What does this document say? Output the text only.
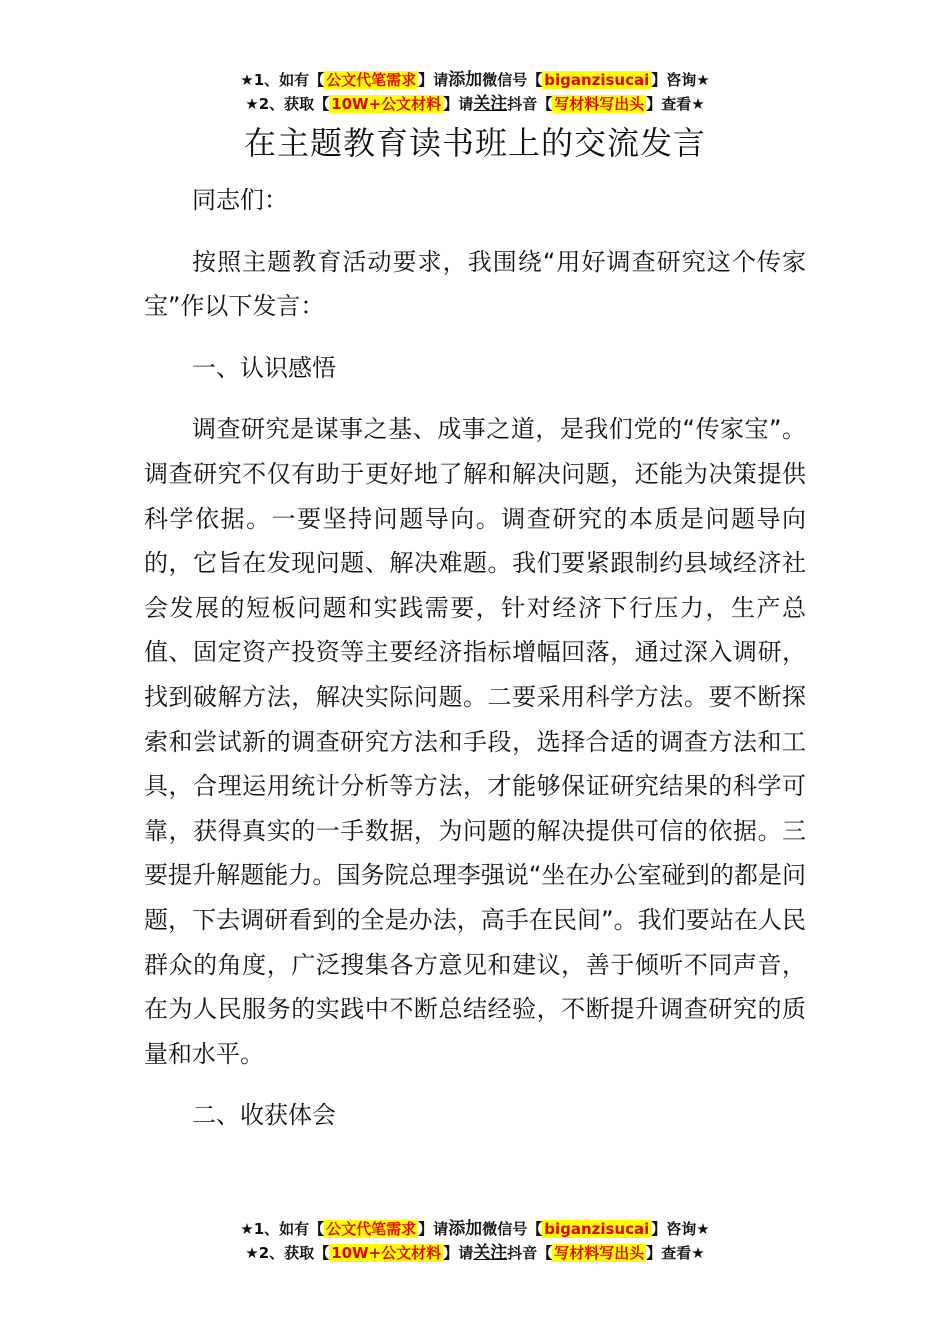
★1、如有【 公文代笔需求 】请添加微信号【 biganzisucai 】咨询★
★2、获取【 10W+公文材料 】请关注抖音【 写材料写出头 】查看★
在主题教育读书班上的交流发言

同志们：

按照主题教育活动要求，我围绕“用好调查研究这个传家宝”作以下发言：

一、认识感悟

调查研究是谋事之基、成事之道，是我们党的“传家宝”。调查研究不仅有助于更好地了解和解决问题，还能为决策提供科学依据。一要坚持问题导向。调查研究的本质是问题导向的，它旨在发现问题、解决难题。我们要紧跟制约县域经济社会发展的短板问题和实践需要，针对经济下行压力，生产总值、固定资产投资等主要经济指标增幅回落，通过深入调研，找到破解方法，解决实际问题。二要采用科学方法。要不断探索和尝试新的调查研究方法和手段，选择合适的调查方法和工具，合理运用统计分析等方法，才能够保证研究结果的科学可靠，获得真实的一手数据，为问题的解决提供可信的依据。三要提升解题能力。国务院总理李强说“坐在办公室碰到的都是问题，下去调研看到的全是办法，高手在民间”。我们要站在人民群众的角度，广泛搜集各方意见和建议，善于倾听不同声音，在为人民服务的实践中不断总结经验，不断提升调查研究的质量和水平。

二、收获体会

★1、如有【 公文代笔需求 】请添加微信号【 biganzisucai 】咨询★
★2、获取【 10W+公文材料 】请关注抖音【 写材料写出头 】查看★
